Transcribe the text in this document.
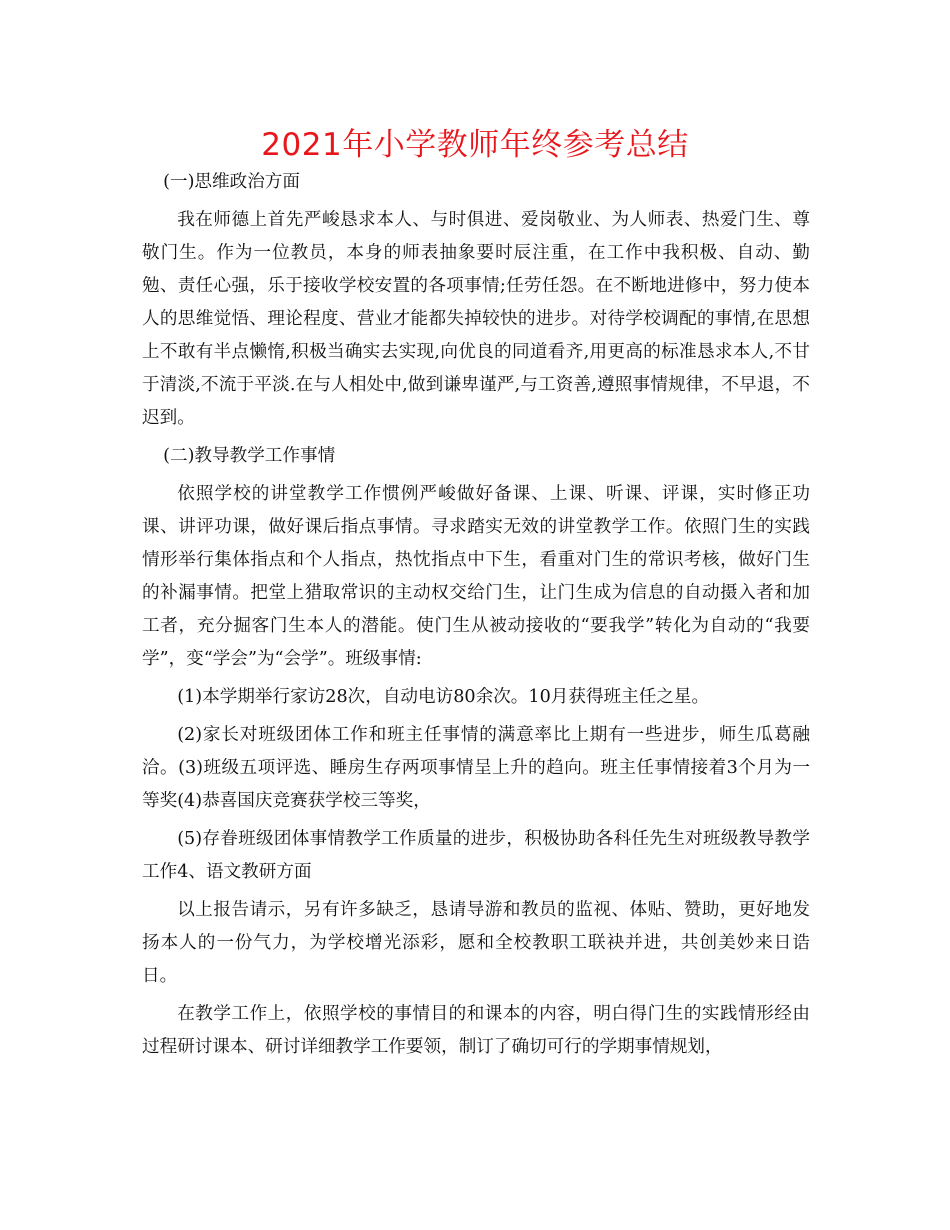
2021年小学教师年终参考总结

(一)思维政治方面

我在师德上首先严峻恳求本人、与时俱进、爱岗敬业、为人师表、热爱门生、尊敬门生。作为一位教员，本身的师表抽象要时辰注重，在工作中我积极、自动、勤勉、责任心强，乐于接收学校安置的各项事情;任劳任怨。在不断地进修中，努力使本人的思维觉悟、理论程度、营业才能都失掉较快的进步。对待学校调配的事情,在思想上不敢有半点懒惰,积极当确实去实现,向优良的同道看齐,用更高的标准恳求本人,不甘于清淡,不流于平淡.在与人相处中,做到谦卑谨严,与工资善,遵照事情规律，不早退，不迟到。

(二)教导教学工作事情

依照学校的讲堂教学工作惯例严峻做好备课、上课、听课、评课，实时修正功课、讲评功课，做好课后指点事情。寻求踏实无效的讲堂教学工作。依照门生的实践情形举行集体指点和个人指点，热忱指点中下生，看重对门生的常识考核，做好门生的补漏事情。把堂上猎取常识的主动权交给门生，让门生成为信息的自动摄入者和加工者，充分掘客门生本人的潜能。使门生从被动接收的“要我学”转化为自动的“我要学”，变“学会”为“会学”。班级事情:

(1)本学期举行家访28次，自动电访80余次。10月获得班主任之星。

(2)家长对班级团体工作和班主任事情的满意率比上期有一些进步，师生瓜葛融洽。(3)班级五项评选、睡房生存两项事情呈上升的趋向。班主任事情接着3个月为一等奖(4)恭喜国庆竞赛获学校三等奖，

(5)存眷班级团体事情教学工作质量的进步，积极协助各科任先生对班级教导教学工作4、语文教研方面

以上报告请示，另有许多缺乏，恳请导游和教员的监视、体贴、赞助，更好地发扬本人的一份气力，为学校增光添彩，愿和全校教职工联袂并进，共创美妙来日诰日。

在教学工作上，依照学校的事情目的和课本的内容，明白得门生的实践情形经由过程研讨课本、研讨详细教学工作要领，制订了确切可行的学期事情规划，
